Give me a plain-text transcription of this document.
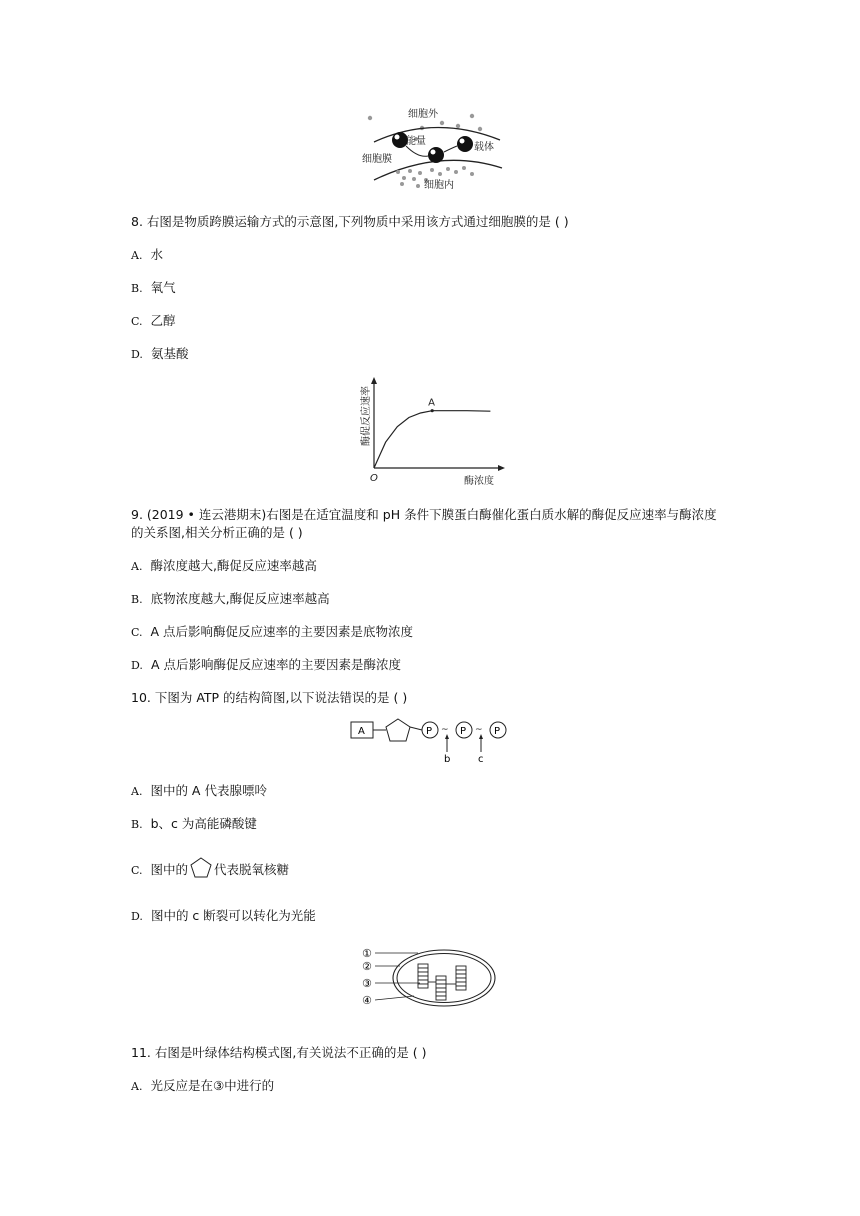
细胞外
能量
载体
细胞膜
细胞内
8. 右图是物质跨膜运输方式的示意图,下列物质中采用该方式通过细胞膜的是 ( )
A. 水
B. 氧气
C. 乙醇
D. 氨基酸
A
O	酶浓度
酶促反应速率
9. (2019 • 连云港期末)右图是在适宜温度和 pH 条件下膜蛋白酶催化蛋白质水解的酶促反应速率与酶浓度
的关系图,相关分析正确的是 ( )
A. 酶浓度越大,酶促反应速率越高
B. 底物浓度越大,酶促反应速率越高
C. A 点后影响酶促反应速率的主要因素是底物浓度
D. A 点后影响酶促反应速率的主要因素是酶浓度
10. 下图为 ATP 的结构简图,以下说法错误的是 ( )
A	P ~ P ~ P
b	c
A. 图中的 A 代表腺嘌呤
B. b、c 为高能磷酸键
C. 图中的 代表脱氧核糖
D. 图中的 c 断裂可以转化为光能
①
②
③
④
11. 右图是叶绿体结构模式图,有关说法不正确的是 ( )
A. 光反应是在③中进行的
